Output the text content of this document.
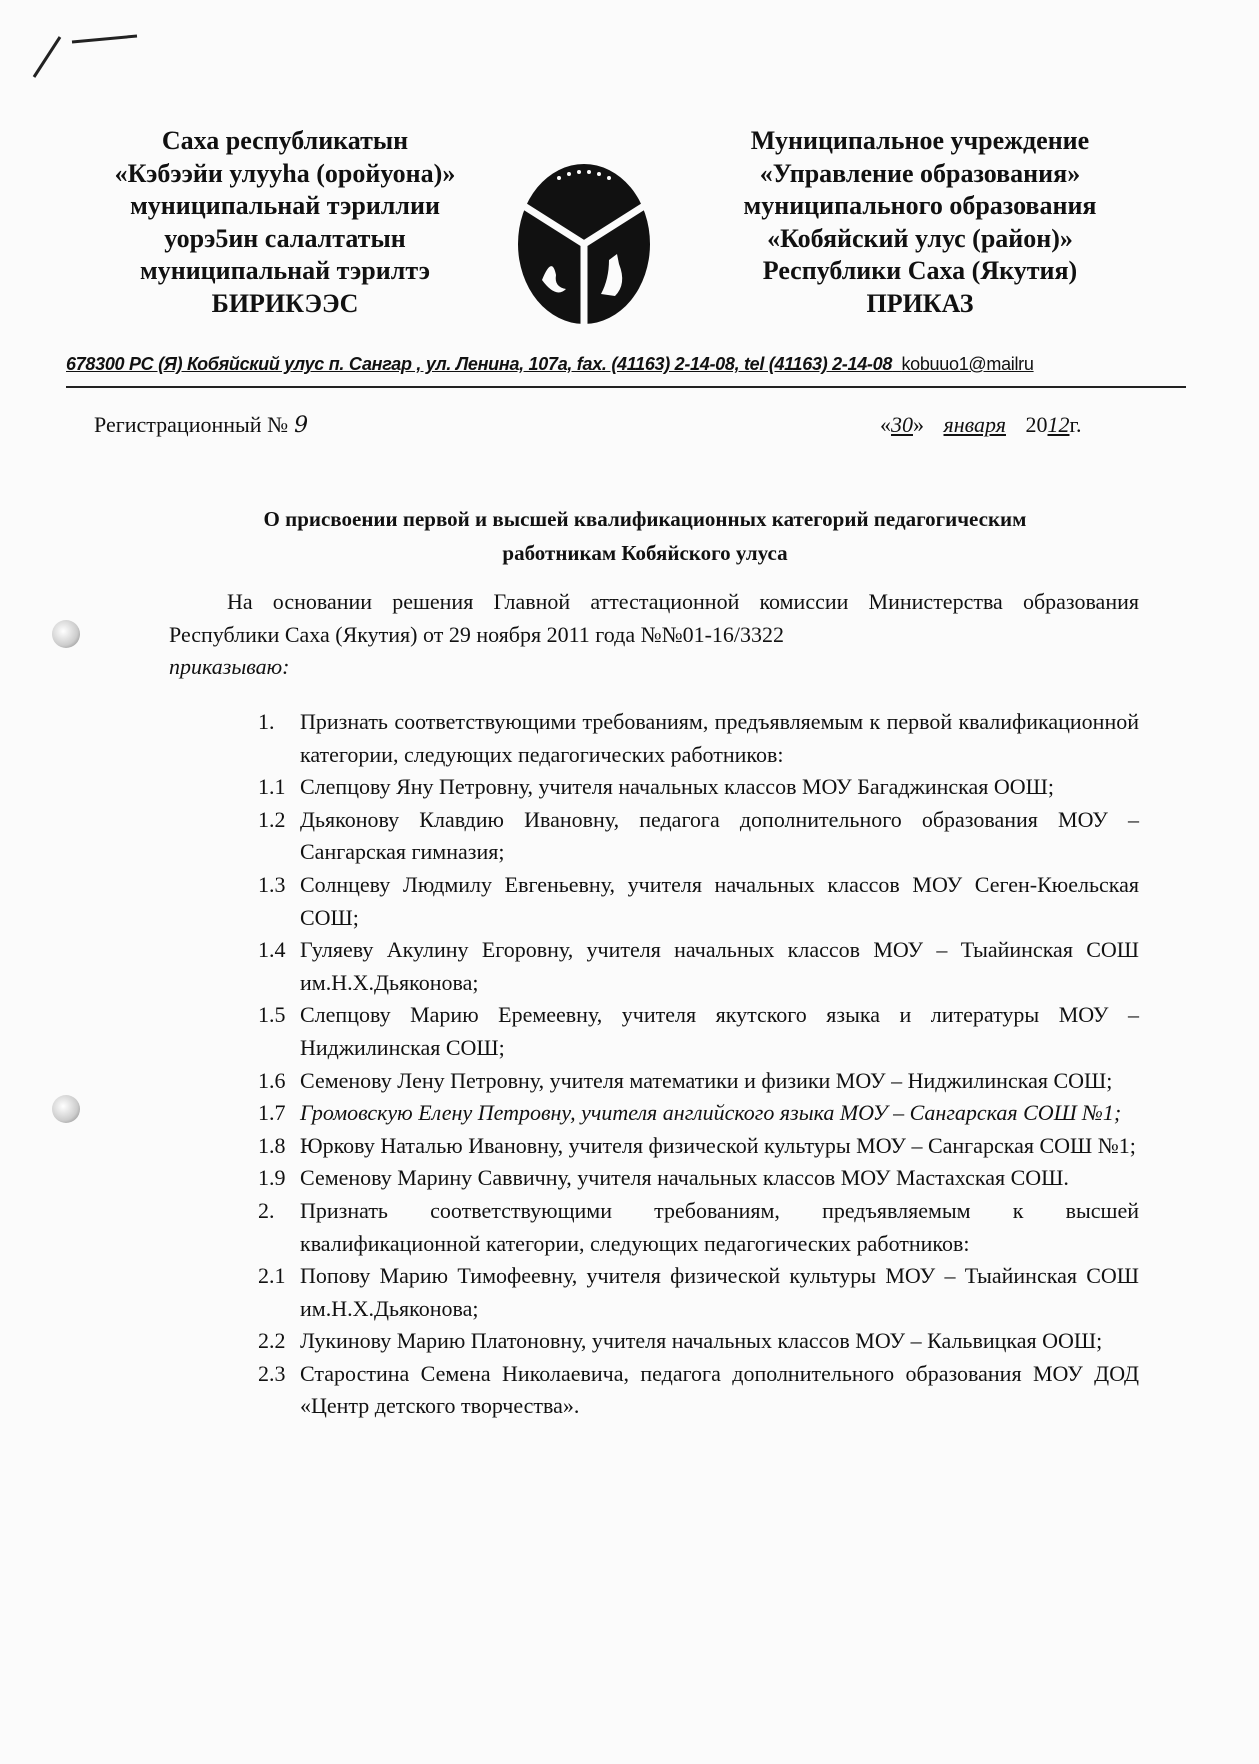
Саха республикатын
«Кэбээйи улууhа (оройуона)»
муниципальнай тэриллии
уорэ5ин салалтатын
муниципальнай тэрилтэ
БИРИКЭЭС
Муниципальное учреждение
«Управление образования»
муниципального образования
«Кобяйский улус (район)»
Республики Саха (Якутия)
ПРИКАЗ
678300 РС (Я) Кобяйский улус п. Сангар , ул. Ленина, 107а, fax. (41163) 2-14-08, tel (41163) 2-14-08 kobuuo1@mailru
Регистрационный № 9	«30» января 2012г.
О присвоении первой и высшей квалификационных категорий педагогическим
работникам Кобяйского улуса
На основании решения Главной аттестационной комиссии Министерства образования Республики Саха (Якутия) от 29 ноября 2011 года №№01-16/3322
приказываю:
1.	Признать соответствующими требованиям, предъявляемым к первой квалификационной категории, следующих педагогических работников:
1.1 Слепцову Яну Петровну, учителя начальных классов МОУ Багаджинская ООШ;
1.2 Дьяконову Клавдию Ивановну, педагога дополнительного образования МОУ – Сангарская гимназия;
1.3 Солнцеву Людмилу Евгеньевну, учителя начальных классов МОУ Сеген-Кюельская СОШ;
1.4 Гуляеву Акулину Егоровну, учителя начальных классов МОУ – Тыайинская СОШ им.Н.Х.Дьяконова;
1.5 Слепцову Марию Еремеевну, учителя якутского языка и литературы МОУ – Ниджилинская СОШ;
1.6 Семенову Лену Петровну, учителя математики и физики МОУ – Ниджилинская СОШ;
1.7 Громовскую Елену Петровну, учителя английского языка МОУ – Сангарская СОШ №1;
1.8 Юркову Наталью Ивановну, учителя физической культуры МОУ – Сангарская СОШ №1;
1.9 Семенову Марину Саввичну, учителя начальных классов МОУ Мастахская СОШ.
2.	Признать соответствующими требованиям, предъявляемым к высшей квалификационной категории, следующих педагогических работников:
2.1 Попову Марию Тимофеевну, учителя физической культуры МОУ – Тыайинская СОШ им.Н.Х.Дьяконова;
2.2 Лукинову Марию Платоновну, учителя начальных классов МОУ – Кальвицкая ООШ;
2.3 Старостина Семена Николаевича, педагога дополнительного образования МОУ ДОД «Центр детского творчества».
